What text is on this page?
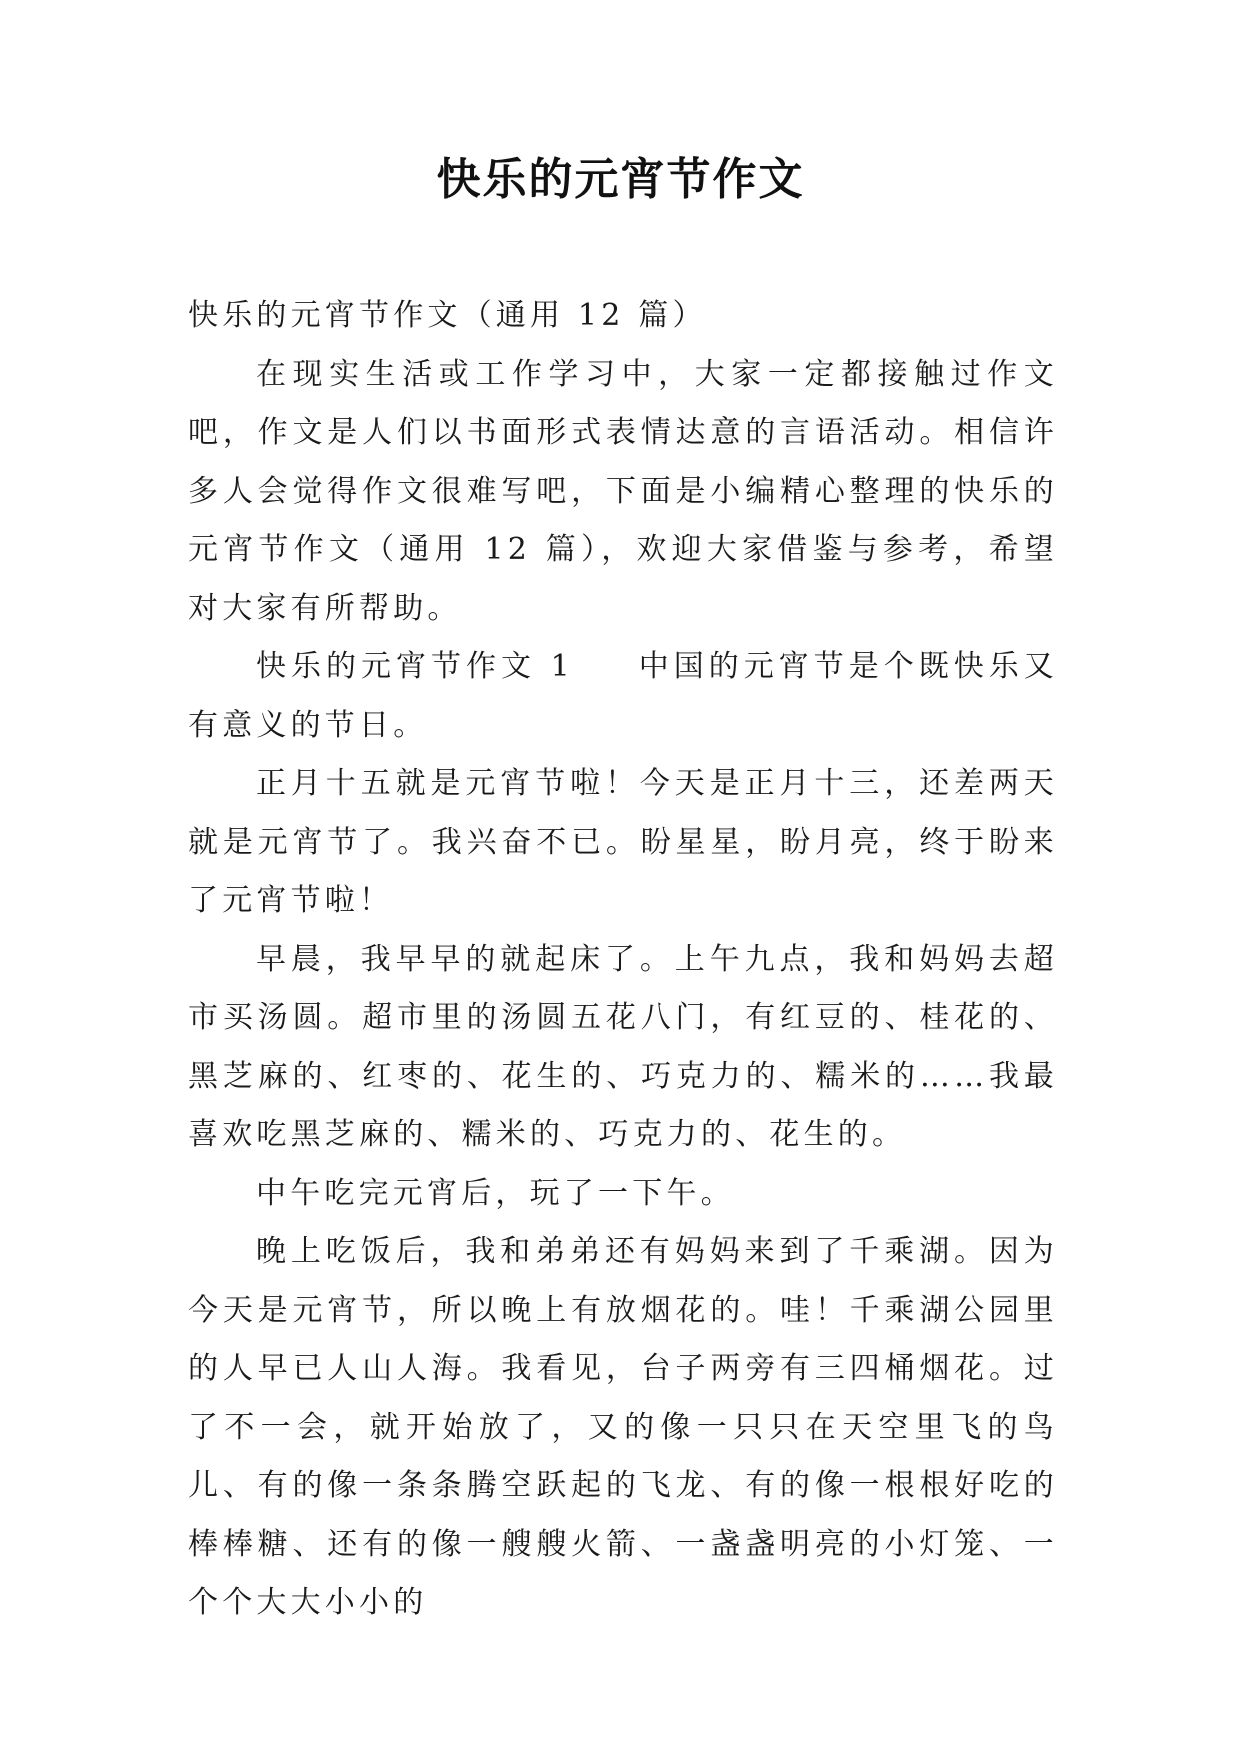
快乐的元宵节作文

快乐的元宵节作文（通用 12 篇）

在现实生活或工作学习中，大家一定都接触过作文吧，作文是人们以书面形式表情达意的言语活动。相信许多人会觉得作文很难写吧，下面是小编精心整理的快乐的元宵节作文（通用 12 篇），欢迎大家借鉴与参考，希望对大家有所帮助。

快乐的元宵节作文 1 中国的元宵节是个既快乐又有意义的节日。

正月十五就是元宵节啦！今天是正月十三，还差两天就是元宵节了。我兴奋不已。盼星星，盼月亮，终于盼来了元宵节啦！

早晨，我早早的就起床了。上午九点，我和妈妈去超市买汤圆。超市里的汤圆五花八门，有红豆的、桂花的、黑芝麻的、红枣的、花生的、巧克力的、糯米的……我最喜欢吃黑芝麻的、糯米的、巧克力的、花生的。

中午吃完元宵后，玩了一下午。

晚上吃饭后，我和弟弟还有妈妈来到了千乘湖。因为今天是元宵节，所以晚上有放烟花的。哇！千乘湖公园里的人早已人山人海。我看见，台子两旁有三四桶烟花。过了不一会，就开始放了，又的像一只只在天空里飞的鸟儿、有的像一条条腾空跃起的飞龙、有的像一根根好吃的棒棒糖、还有的像一艘艘火箭、一盏盏明亮的小灯笼、一个个大大小小的
